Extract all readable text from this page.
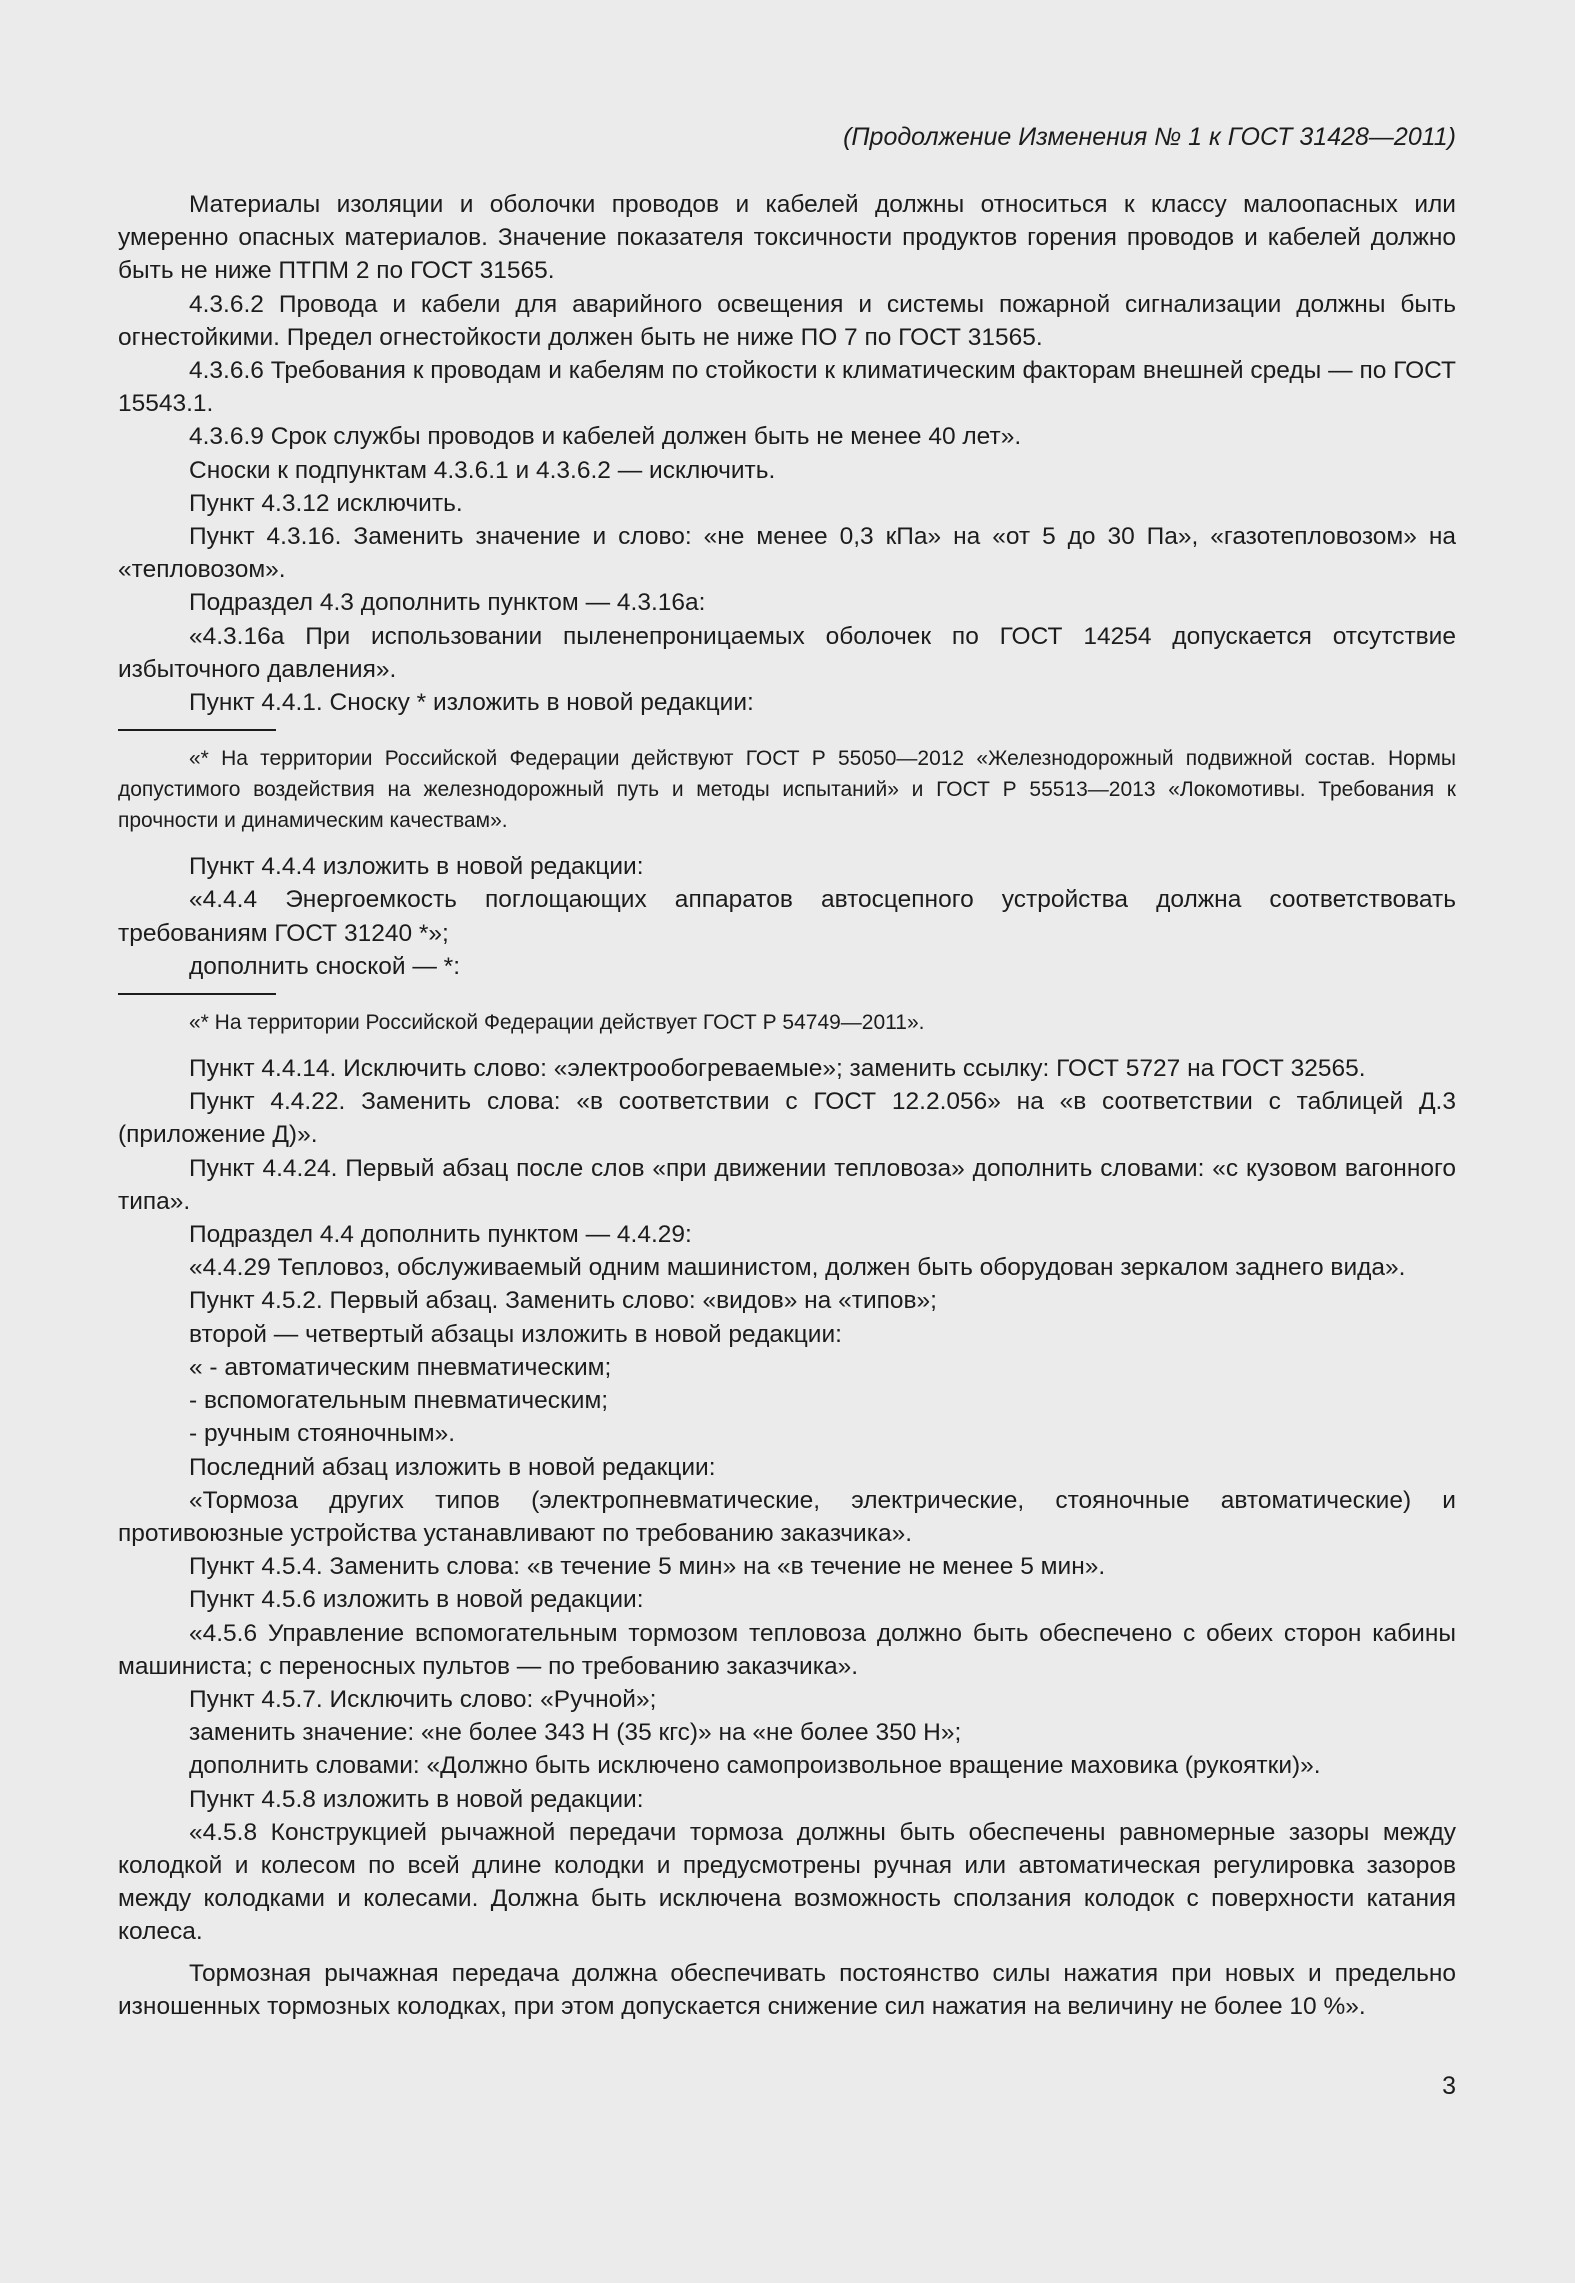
(Продолжение Изменения № 1 к ГОСТ 31428—2011)

Материалы изоляции и оболочки проводов и кабелей должны относиться к классу малоопасных или умеренно опасных материалов. Значение показателя токсичности продуктов горения проводов и кабелей должно быть не ниже ПТПМ 2 по ГОСТ 31565.

4.3.6.2 Провода и кабели для аварийного освещения и системы пожарной сигнализации должны быть огнестойкими. Предел огнестойкости должен быть не ниже ПО 7 по ГОСТ 31565.

4.3.6.6 Требования к проводам и кабелям по стойкости к климатическим факторам внешней среды — по ГОСТ 15543.1.

4.3.6.9 Срок службы проводов и кабелей должен быть не менее 40 лет».

Сноски к подпунктам 4.3.6.1 и 4.3.6.2 — исключить.

Пункт 4.3.12 исключить.

Пункт 4.3.16. Заменить значение и слово: «не менее 0,3 кПа» на «от 5 до 30 Па», «газотепловозом» на «тепловозом».

Подраздел 4.3 дополнить пунктом — 4.3.16а:

«4.3.16а При использовании пыленепроницаемых оболочек по ГОСТ 14254 допускается отсутствие избыточного давления».

Пункт 4.4.1. Сноску * изложить в новой редакции:

«* На территории Российской Федерации действуют ГОСТ Р 55050—2012 «Железнодорожный подвижной состав. Нормы допустимого воздействия на железнодорожный путь и методы испытаний» и ГОСТ Р 55513—2013 «Локомотивы. Требования к прочности и динамическим качествам».

Пункт 4.4.4 изложить в новой редакции:

«4.4.4 Энергоемкость поглощающих аппаратов автосцепного устройства должна соответствовать требованиям ГОСТ 31240 *»;

дополнить сноской — *:

«* На территории Российской Федерации действует ГОСТ Р 54749—2011».

Пункт 4.4.14. Исключить слово: «электрообогреваемые»; заменить ссылку: ГОСТ 5727 на ГОСТ 32565.

Пункт 4.4.22. Заменить слова: «в соответствии с ГОСТ 12.2.056» на «в соответствии с таблицей Д.3 (приложение Д)».

Пункт 4.4.24. Первый абзац после слов «при движении тепловоза» дополнить словами: «с кузовом вагонного типа».

Подраздел 4.4 дополнить пунктом — 4.4.29:

«4.4.29 Тепловоз, обслуживаемый одним машинистом, должен быть оборудован зеркалом заднего вида».

Пункт 4.5.2. Первый абзац. Заменить слово: «видов» на «типов»;

второй — четвертый абзацы изложить в новой редакции:

« - автоматическим пневматическим;

- вспомогательным пневматическим;

- ручным стояночным».

Последний абзац изложить в новой редакции:

«Тормоза других типов (электропневматические, электрические, стояночные автоматические) и противоюзные устройства устанавливают по требованию заказчика».

Пункт 4.5.4. Заменить слова: «в течение 5 мин» на «в течение не менее 5 мин».

Пункт 4.5.6 изложить в новой редакции:

«4.5.6 Управление вспомогательным тормозом тепловоза должно быть обеспечено с обеих сторон кабины машиниста; с переносных пультов — по требованию заказчика».

Пункт 4.5.7. Исключить слово: «Ручной»;

заменить значение: «не более 343 Н (35 кгс)» на «не более 350 Н»;

дополнить словами: «Должно быть исключено самопроизвольное вращение маховика (рукоятки)».

Пункт 4.5.8 изложить в новой редакции:

«4.5.8 Конструкцией рычажной передачи тормоза должны быть обеспечены равномерные зазоры между колодкой и колесом по всей длине колодки и предусмотрены ручная или автоматическая регулировка зазоров между колодками и колесами. Должна быть исключена возможность сползания колодок с поверхности катания колеса.

Тормозная рычажная передача должна обеспечивать постоянство силы нажатия при новых и предельно изношенных тормозных колодках, при этом допускается снижение сил нажатия на величину не более 10 %».

3
